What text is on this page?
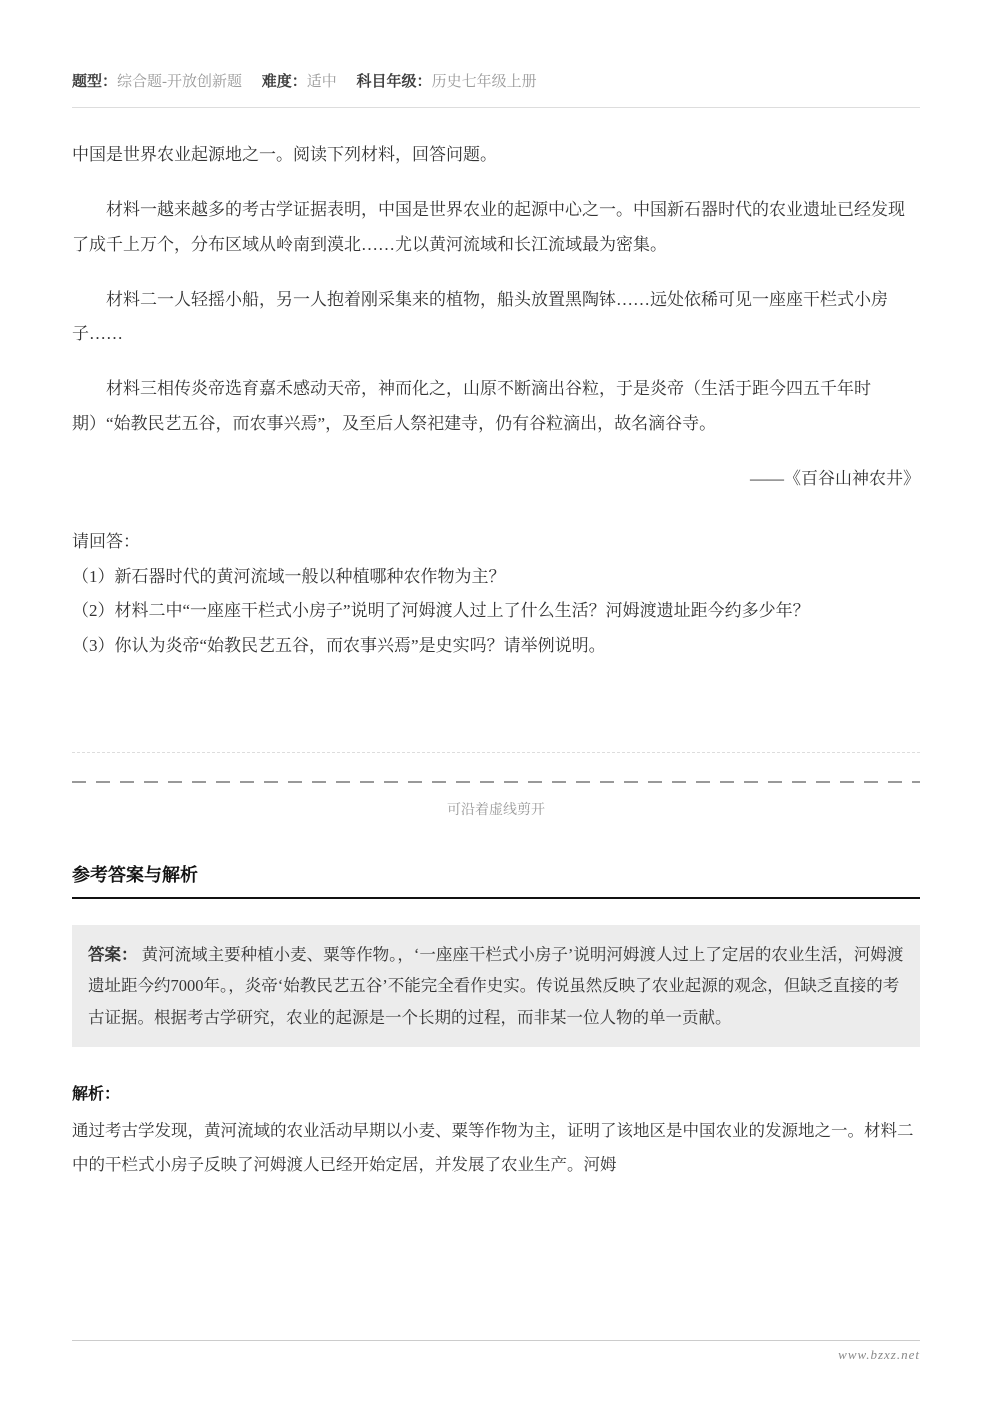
题型：综合题-开放创新题 难度：适中 科目年级：历史七年级上册

中国是世界农业起源地之一。阅读下列材料，回答问题。

材料一越来越多的考古学证据表明，中国是世界农业的起源中心之一。中国新石器时代的农业遗址已经发现了成千上万个，分布区域从岭南到漠北……尤以黄河流域和长江流域最为密集。

材料二一人轻摇小船，另一人抱着刚采集来的植物，船头放置黑陶钵……远处依稀可见一座座干栏式小房子……

材料三相传炎帝选育嘉禾感动天帝，神而化之，山原不断滴出谷粒，于是炎帝（生活于距今四五千年时期）“始教民艺五谷，而农事兴焉”，及至后人祭祀建寺，仍有谷粒滴出，故名滴谷寺。

——《百谷山神农井》

请回答：

（1）新石器时代的黄河流域一般以种植哪种农作物为主？

（2）材料二中“一座座干栏式小房子”说明了河姆渡人过上了什么生活？河姆渡遗址距今约多少年？

（3）你认为炎帝“始教民艺五谷，而农事兴焉”是史实吗？请举例说明。

可沿着虚线剪开

参考答案与解析
答案： 黄河流域主要种植小麦、粟等作物。，‘一座座干栏式小房子’说明河姆渡人过上了定居的农业生活，河姆渡遗址距今约7000年。，炎帝‘始教民艺五谷’不能完全看作史实。传说虽然反映了农业起源的观念，但缺乏直接的考古证据。根据考古学研究，农业的起源是一个长期的过程，而非某一位人物的单一贡献。

解析：

通过考古学发现，黄河流域的农业活动早期以小麦、粟等作物为主，证明了该地区是中国农业的发源地之一。材料二中的干栏式小房子反映了河姆渡人已经开始定居，并发展了农业生产。河姆

www.bzxz.net
